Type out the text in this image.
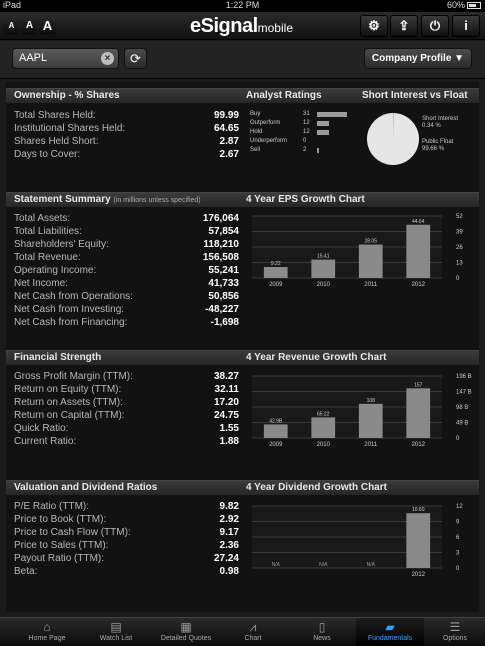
iPad	1:22 PM	60%
A	A A	eSignalmobile	⚙	⇪	⏻	i
AAPL	×	⟳	Company Profile ▼
Ownership - % Shares	Analyst Ratings	Short Interest vs Float
Total Shares Held:	99.99
Institutional Shares Held:	64.65
Shares Held Short:	2.87
Days to Cover:	2.67
Buy	31
Outperform	12
Hold	12
Underperform	0
Sell	2
Short Interest
0.34 %
Public Float
99.66 %
Statement Summary (in millions unless specified)	4 Year EPS Growth Chart
Total Assets:	176,064
Total Liabilities:	57,854
Shareholders' Equity:	118,210
Total Revenue:	156,508
Operating Income:	55,241
Net Income:	41,733
Net Cash from Operations:	50,856
Net Cash from Investing:	-48,227
Net Cash from Financing:	-1,698
0
13
26
39
52
9.22
2009
15.41
2010
28.05
2011
44.64
2012
Financial Strength	4 Year Revenue Growth Chart
Gross Profit Margin (TTM):	38.27
Return on Equity (TTM):	32.11
Return on Assets (TTM):	17.20
Return on Capital (TTM):	24.75
Quick Ratio:	1.55
Current Ratio:	1.88	0
49 B
98 B
147 B
196 B
42.9B
2009
65.22
2010
108
2011
157
2012
Valuation and Dividend Ratios	4 Year Dividend Growth Chart
P/E Ratio (TTM):	9.82
Price to Book (TTM):	2.92
Price to Cash Flow (TTM):	9.17
Price to Sales (TTM):	2.36
Payout Ratio (TTM):	27.24
Beta:	0.98	0
3
6
9
12
N/A	N/A	N/A
10.60
2012
⌂
Home Page
▤
Watch List
▦
Detailed Quotes
⩘
Chart
▯
News
▰
Fundamentals
☰
Options
